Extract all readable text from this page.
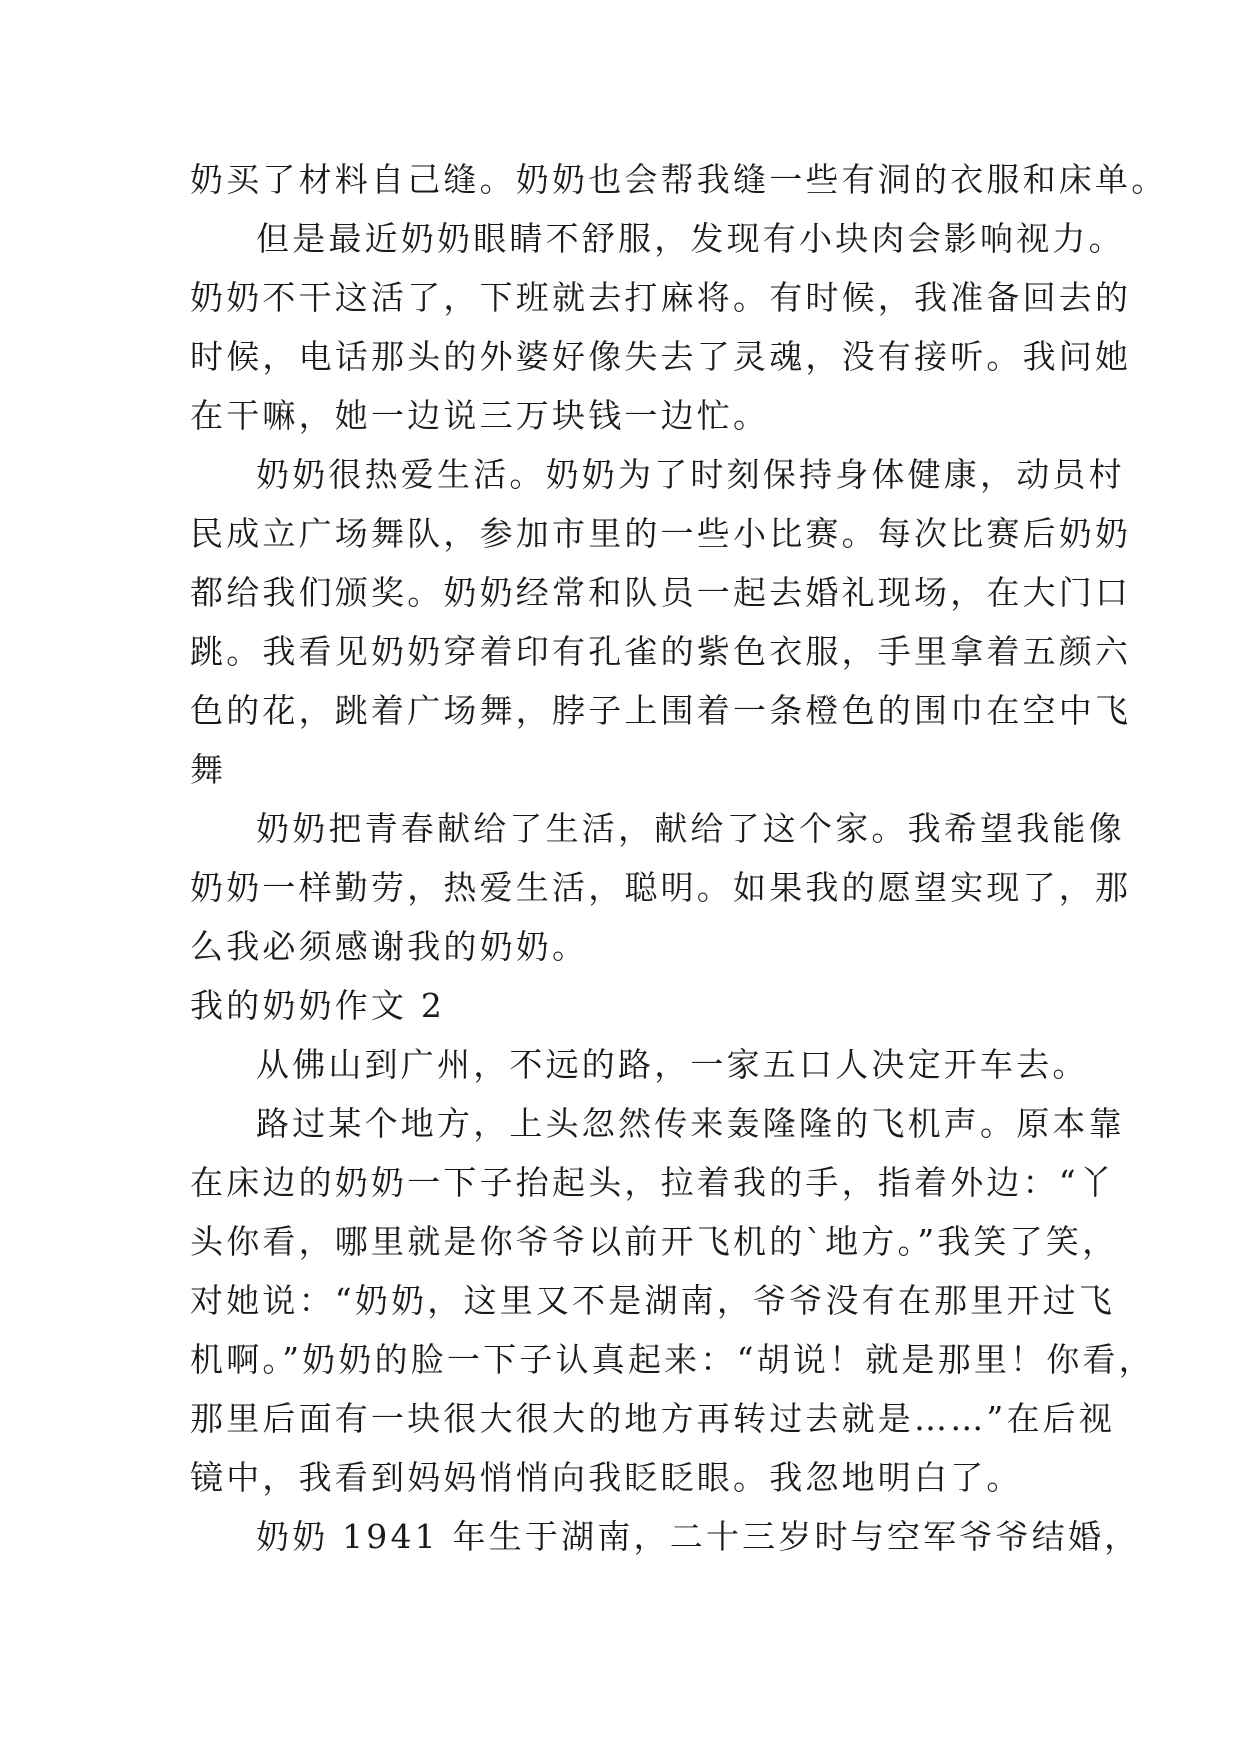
奶买了材料自己缝。奶奶也会帮我缝一些有洞的衣服和床单。
但是最近奶奶眼睛不舒服，发现有小块肉会影响视力。
奶奶不干这活了，下班就去打麻将。有时候，我准备回去的
时候，电话那头的外婆好像失去了灵魂，没有接听。我问她
在干嘛，她一边说三万块钱一边忙。
奶奶很热爱生活。奶奶为了时刻保持身体健康，动员村
民成立广场舞队，参加市里的一些小比赛。每次比赛后奶奶
都给我们颁奖。奶奶经常和队员一起去婚礼现场，在大门口
跳。我看见奶奶穿着印有孔雀的紫色衣服，手里拿着五颜六
色的花，跳着广场舞，脖子上围着一条橙色的围巾在空中飞
舞
奶奶把青春献给了生活，献给了这个家。我希望我能像
奶奶一样勤劳，热爱生活，聪明。如果我的愿望实现了，那
么我必须感谢我的奶奶。
我的奶奶作文 2
从佛山到广州，不远的路，一家五口人决定开车去。
路过某个地方，上头忽然传来轰隆隆的飞机声。原本靠
在床边的奶奶一下子抬起头，拉着我的手，指着外边：“丫
头你看，哪里就是你爷爷以前开飞机的`地方。”我笑了笑，
对她说：“奶奶，这里又不是湖南，爷爷没有在那里开过飞
机啊。”奶奶的脸一下子认真起来：“胡说！就是那里！你看，
那里后面有一块很大很大的地方再转过去就是……”在后视
镜中，我看到妈妈悄悄向我眨眨眼。我忽地明白了。
奶奶 1941 年生于湖南，二十三岁时与空军爷爷结婚，
